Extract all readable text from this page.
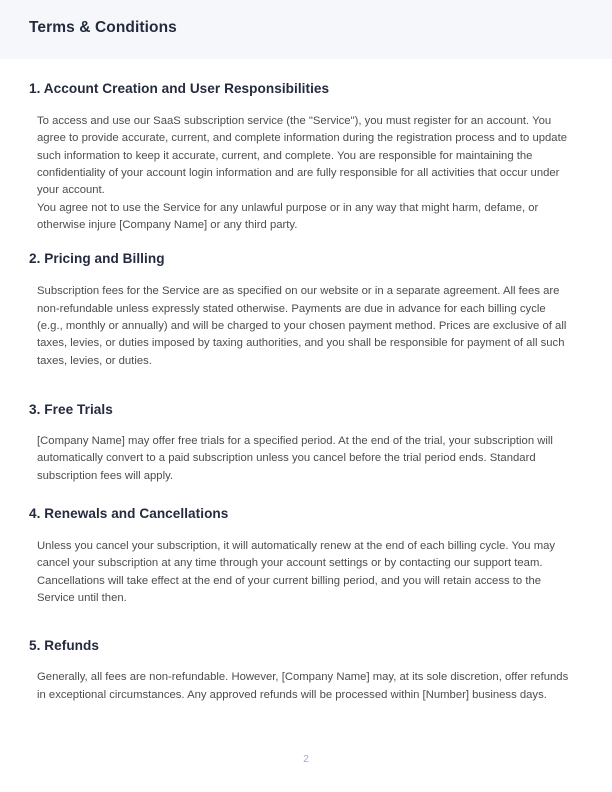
Terms & Conditions
1. Account Creation and User Responsibilities

To access and use our SaaS subscription service (the "Service"), you must register for an account. You agree to provide accurate, current, and complete information during the registration process and to update such information to keep it accurate, current, and complete. You are responsible for maintaining the confidentiality of your account login information and are fully responsible for all activities that occur under your account.

You agree not to use the Service for any unlawful purpose or in any way that might harm, defame, or otherwise injure [Company Name] or any third party.

2. Pricing and Billing

Subscription fees for the Service are as specified on our website or in a separate agreement. All fees are non-refundable unless expressly stated otherwise. Payments are due in advance for each billing cycle (e.g., monthly or annually) and will be charged to your chosen payment method. Prices are exclusive of all taxes, levies, or duties imposed by taxing authorities, and you shall be responsible for payment of all such taxes, levies, or duties.

3. Free Trials

[Company Name] may offer free trials for a specified period. At the end of the trial, your subscription will automatically convert to a paid subscription unless you cancel before the trial period ends. Standard subscription fees will apply.

4. Renewals and Cancellations

Unless you cancel your subscription, it will automatically renew at the end of each billing cycle. You may cancel your subscription at any time through your account settings or by contacting our support team. Cancellations will take effect at the end of your current billing period, and you will retain access to the Service until then.

5. Refunds

Generally, all fees are non-refundable. However, [Company Name] may, at its sole discretion, offer refunds in exceptional circumstances. Any approved refunds will be processed within [Number] business days.

2
